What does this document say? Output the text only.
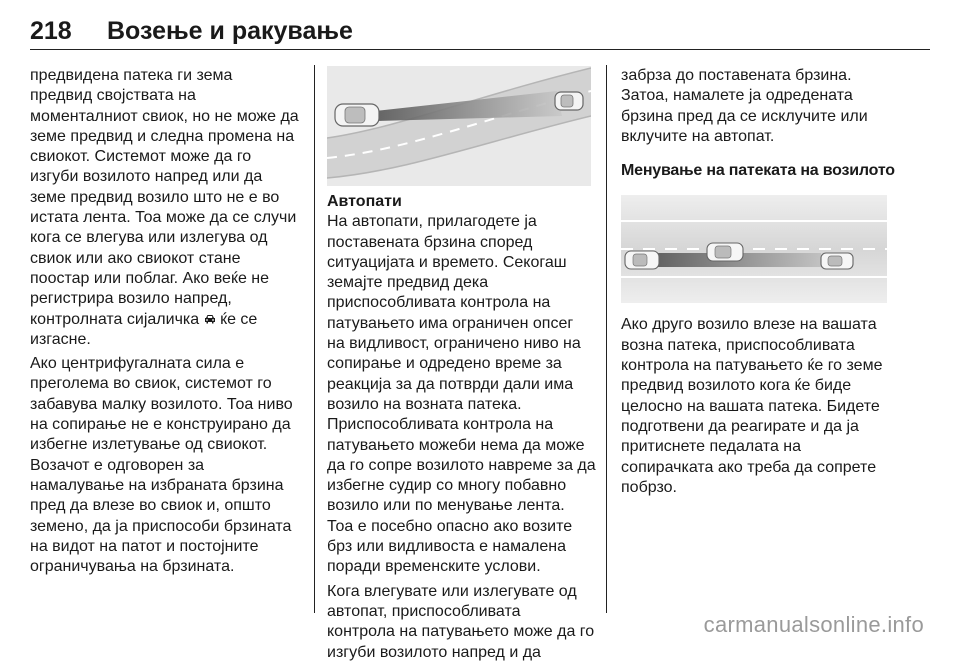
218	Возење и ракување

предвидена патека ги зема
предвид својствата на
моменталниот свиок, но не може да
земе предвид и следна промена на
свиокот. Системот може да го
изгуби возилото напред или да
земе предвид возило што не е во
истата лента. Тоа може да се случи
кога се влегува или излегува од
свиок или ако свиокот стане
поостар или поблаг. Ако веќе не
регистрира возило напред,
контролната сијаличка ќе се
изгасне.

Ако центрифугалната сила е
преголема во свиок, системот го
забавува малку возилото. Тоа ниво
на сопирање не е конструирано да
избегне излетување од свиокот.
Возачот е одговорен за
намалување на избраната брзина
пред да влезе во свиок и, општо
земено, да ја приспособи брзината
на видот на патот и постојните
ограничувања на брзината.

Автопати

На автопати, прилагодете ја
поставената брзина според
ситуацијата и времето. Секогаш
земајте предвид дека
приспособливата контрола на
патувањето има ограничен опсег
на видливост, ограничено ниво на
сопирање и одредено време за
реакција за да потврди дали има
возило на возната патека.
Приспособливата контрола на
патувањето можеби нема да може
да го сопре возилото навреме за да
избегне судир со многу побавно
возило или по менување лента.
Тоа е посебно опасно ако возите
брз или видливоста е намалена
поради временските услови.

Кога влегувате или излегувате од
автопат, приспособливата
контрола на патувањето може да го
изгуби возилото напред и да

забрза до поставената брзина.
Затоа, намалете ја одредената
брзина пред да се исклучите или
вклучите на автопат.

Менување на патеката на возилото

Ако друго возило влезе на вашата
возна патека, приспособливата
контрола на патувањето ќе го земе
предвид возилото кога ќе биде
целосно на вашата патека. Бидете
подготвени да реагирате и да ја
притиснете педалата на
сопирачката ако треба да сопрете
побрзо.

carmanualsonline.info
